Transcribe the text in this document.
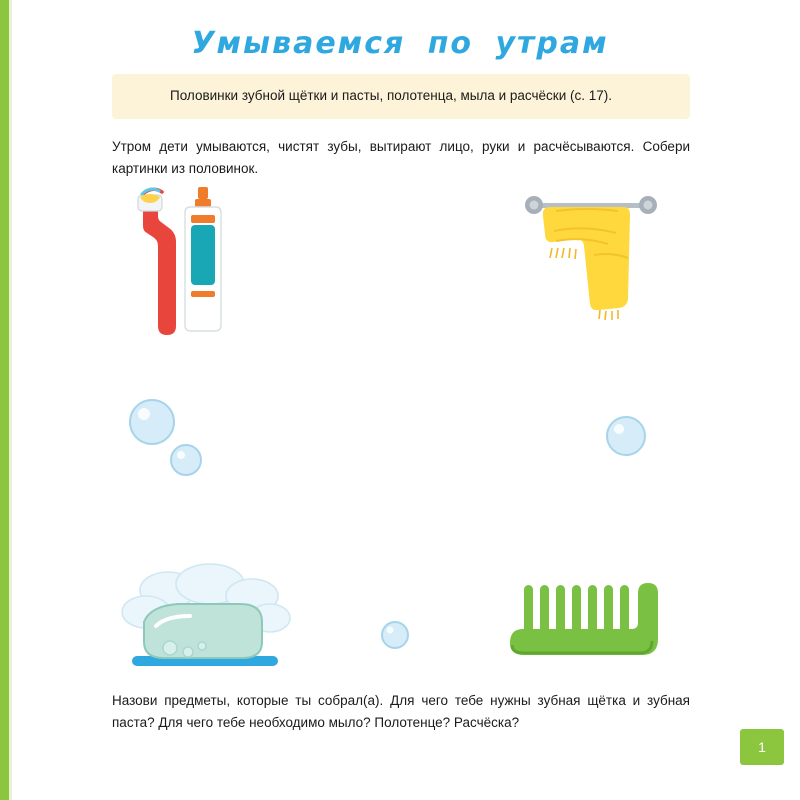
Умываемся по утрам
Половинки зубной щётки и пасты, полотенца, мыла и расчёски (с. 17).
Утром дети умываются, чистят зубы, вытирают лицо, руки и расчёсываются. Собери картинки из половинок.
Назови предметы, которые ты собрал(а). Для чего тебе нужны зубная щётка и зубная паста? Для чего тебе необходимо мыло? Полотенце? Расчёска?
1
